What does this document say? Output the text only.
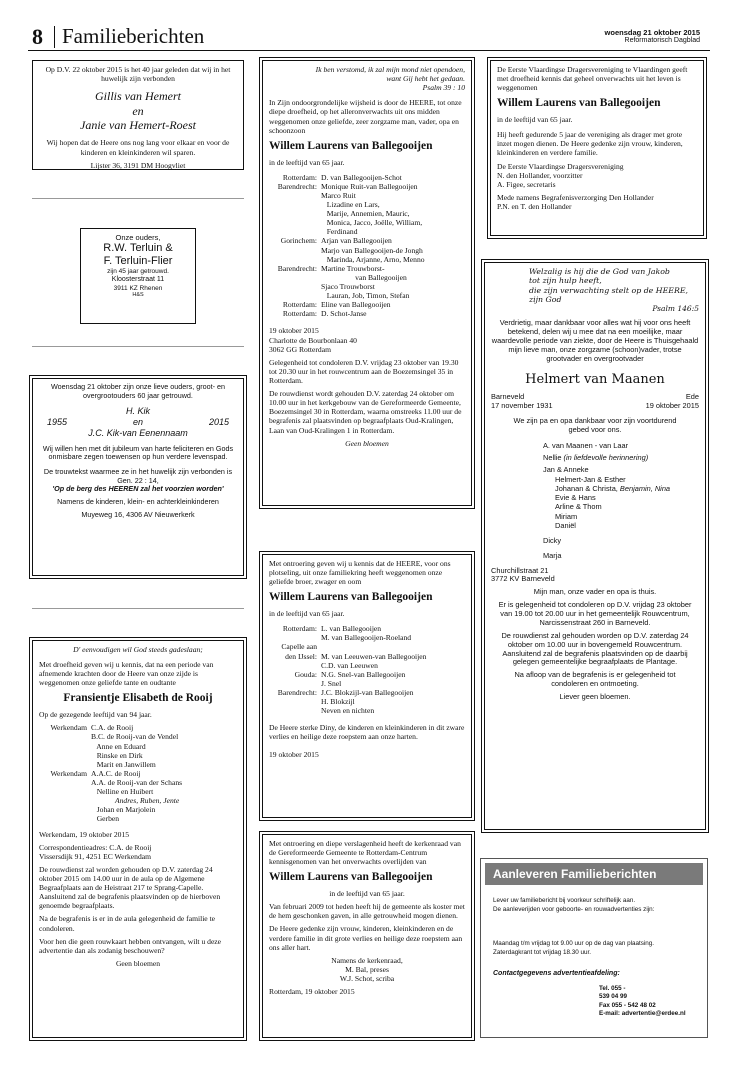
8 Familieberichten	woensdag 21 oktober 2015
Reformatorisch Dagblad

Op D.V. 22 oktober 2015 is het 40 jaar geleden dat wij in het huwelijk zijn verbonden

Gillis van Hemert
en
Janie van Hemert-Roest

Wij hopen dat de Heere ons nog lang voor elkaar en voor de kinderen en kleinkinderen wil sparen.

Lijster 36, 3191 DM Hoogvliet

Onze ouders,
R.W. Terluin &
F. Terluin-Flier
zijn 45 jaar getrouwd.
Kloosterstraat 11
3911 KZ Rhenen
H&S

Woensdag 21 oktober zijn onze lieve ouders, groot- en overgrootouders 60 jaar getrouwd.

H. Kik
1955	en	2015
J.C. Kik-van Eenennaam

Wij willen hen met dit jubileum van harte feliciteren en Gods onmisbare zegen toewensen op hun verdere levenspad.

De trouwtekst waarmee ze in het huwelijk zijn verbonden is Gen. 22 : 14,

'Op de berg des HEEREN zal het voorzien worden'

Namens de kinderen, klein- en achterkleinkinderen

Muyeweg 16, 4306 AV Nieuwerkerk

D' eenvoudigen wil God steeds gadeslaan;

Met droefheid geven wij u kennis, dat na een periode van afnemende krachten door de Heere van onze zijde is weggenomen onze geliefde tante en oudtante

Fransientje Elisabeth de Rooij

Op de gezegende leeftijd van 94 jaar.

Werkendam C.A. de Rooij
B.C. de Rooij-van de Vendel
Anne en Eduard
Rinske en Dirk
Marit en Janwillem
Werkendam A.A.C. de Rooij
A.A. de Rooij-van der Schans
Nelline en Huibert
Andres, Ruben, Jente
Johan en Marjolein
Gerben

Werkendam, 19 oktober 2015

Correspondentieadres: C.A. de Rooij

Vissersdijk 91, 4251 EC Werkendam

De rouwdienst zal worden gehouden op D.V. zaterdag 24 oktober 2015 om 14.00 uur in de aula op de Algemene Begraafplaats aan de Heistraat 217 te Sprang-Capelle.

Aansluitend zal de begrafenis plaatsvinden op de hierboven genoemde begraafplaats.

Na de begrafenis is er in de aula gelegenheid de familie te condoleren.

Voor hen die geen rouwkaart hebben ontvangen, wilt u deze advertentie dan als zodanig beschouwen?

Geen bloemen

Ik ben verstomd, ik zal mijn mond niet opendoen,
want Gij hebt het gedaan.

Psalm 39 : 10

In Zijn ondoorgrondelijke wijsheid is door de HEERE, tot onze diepe droefheid, op het alleronverwachts uit ons midden weggenomen onze geliefde, zeer zorgzame man, vader, opa en schoonzoon

Willem Laurens van Ballegooijen

in de leeftijd van 65 jaar.

Rotterdam: D. van Ballegooijen-Schot
Barendrecht: Monique Ruit-van Ballegooijen
Marco Ruit
Lizadine en Lars,
Marije, Annemien, Mauric,
Monica, Jacco, Joëlle, William,
Ferdinand
Gorinchem: Arjan van Ballegooijen
Marjo van Ballegooijen-de Jongh
Marinda, Arjanne, Arno, Menno
Barendrecht: Martine Trouwborst-
van Ballegooijen
Sjaco Trouwborst
Lauran, Job, Timon, Stefan
Rotterdam: Eline van Ballegooijen
Rotterdam: D. Schot-Janse
19 oktober 2015
Charlotte de Bourbonlaan 40

3062 GG Rotterdam

Gelegenheid tot condoleren D.V. vrijdag 23 oktober van 19.30 tot 20.30 uur in het rouwcentrum aan de Boezemsingel 35 in Rotterdam.

De rouwdienst wordt gehouden D.V. zaterdag 24 oktober om 10.00 uur in het kerkgebouw van de Gereformeerde Gemeente, Boezemsingel 30 in Rotterdam, waarna omstreeks 11.00 uur de begrafenis zal plaatsvinden op begraafplaats Oud-Kralingen, Laan van Oud-Kralingen 1 in Rotterdam.

Geen bloemen

Met ontroering geven wij u kennis dat de HEERE, voor ons plotseling, uit onze familiekring heeft weggenomen onze geliefde broer, zwager en oom

Willem Laurens van Ballegooijen

in de leeftijd van 65 jaar.

Rotterdam: L. van Ballegooijen
M. van Ballegooijen-Roeland
Capelle aan
den IJssel: M. van Leeuwen-van Ballegooijen
C.D. van Leeuwen
Gouda: N.G. Snel-van Ballegooijen
J. Snel
Barendrecht: J.C. Blokzijl-van Ballegooijen
H. Blokzijl
Neven en nichten

De Heere sterke Diny, de kinderen en kleinkinderen in dit zware verlies en heilige deze roepstem aan onze harten.

19 oktober 2015

Met ontroering en diepe verslagenheid heeft de kerkenraad van de Gereformeerde Gemeente te Rotterdam-Centrum kennisgenomen van het onverwachts overlijden van

Willem Laurens van Ballegooijen

in de leeftijd van 65 jaar.

Van februari 2009 tot heden heeft hij de gemeente als koster met de hem geschonken gaven, in alle getrouwheid mogen dienen.

De Heere gedenke zijn vrouw, kinderen, kleinkinderen en de verdere familie in dit grote verlies en heilige deze roepstem aan ons aller hart.

Namens de kerkenraad,
M. Bal, preses

W.J. Schot, scriba

Rotterdam, 19 oktober 2015

De Eerste Vlaardingse Dragersvereniging te Vlaardingen geeft met droefheid kennis dat geheel onverwachts uit het leven is weggenomen

Willem Laurens van Ballegooijen

in de leeftijd van 65 jaar.

Hij heeft gedurende 5 jaar de vereniging als drager met grote inzet mogen dienen. De Heere gedenke zijn vrouw, kinderen, kleinkinderen en verdere familie.

De Eerste Vlaardingse Dragersvereniging
N. den Hollander, voorzitter

A. Figee, secretaris

Mede namens Begrafenisverzorging Den Hollander
P.N. en T. den Hollander
Welzalig is hij die de God van Jakob
tot zijn hulp heeft,
die zijn verwachting stelt op de HEERE,
zijn God

Psalm 146:5

Verdrietig, maar dankbaar voor alles wat hij voor ons heeft betekend, delen wij u mee dat na een moeilijke, maar waardevolle periode van ziekte, door de Heere is Thuisgehaald mijn lieve man, onze zorgzame (schoon)vader, trotse grootvader en overgrootvader

Helmert van Maanen
Barneveld	Ede
17 november 1931	19 oktober 2015

We zijn pa en opa dankbaar voor zijn voortdurend gebed voor ons.

A. van Maanen - van Laar
Nellie (in liefdevolle herinnering)
Jan & Anneke
Helmert-Jan & Esther
Johanan & Christa, Benjamin, Nina
Evie & Hans
Arline & Thom
Miriam
Daniël
Dicky
Marja
Churchillstraat 21

3772 KV Barneveld

Mijn man, onze vader en opa is thuis.

Er is gelegenheid tot condoleren op D.V. vrijdag 23 oktober van 19.00 tot 20.00 uur in het gemeentelijk Rouwcentrum, Narcissenstraat 260 in Barneveld.

De rouwdienst zal gehouden worden op D.V. zaterdag 24 oktober om 10.00 uur in bovengemeld Rouwcentrum. Aansluitend zal de begrafenis plaatsvinden op de daarbij gelegen gemeentelijke begraafplaats de Plantage.

Na afloop van de begrafenis is er gelegenheid tot condoleren en ontmoeting.

Liever geen bloemen.

Aanleveren Familieberichten
Lever uw familiebericht bij voorkeur schriftelijk aan.
De aanleverijden voor geboorte- en rouwadvertenties zijn:
Maandag t/m vrijdag tot 9.00 uur op de dag van plaatsing.
Zaterdagkrant tot vrijdag 18.30 uur.
Contactgegevens advertentieafdeling:
Tel. 055 - 539 04 99
Fax 055 - 542 48 02
E-mail: advertentie@erdee.nl
